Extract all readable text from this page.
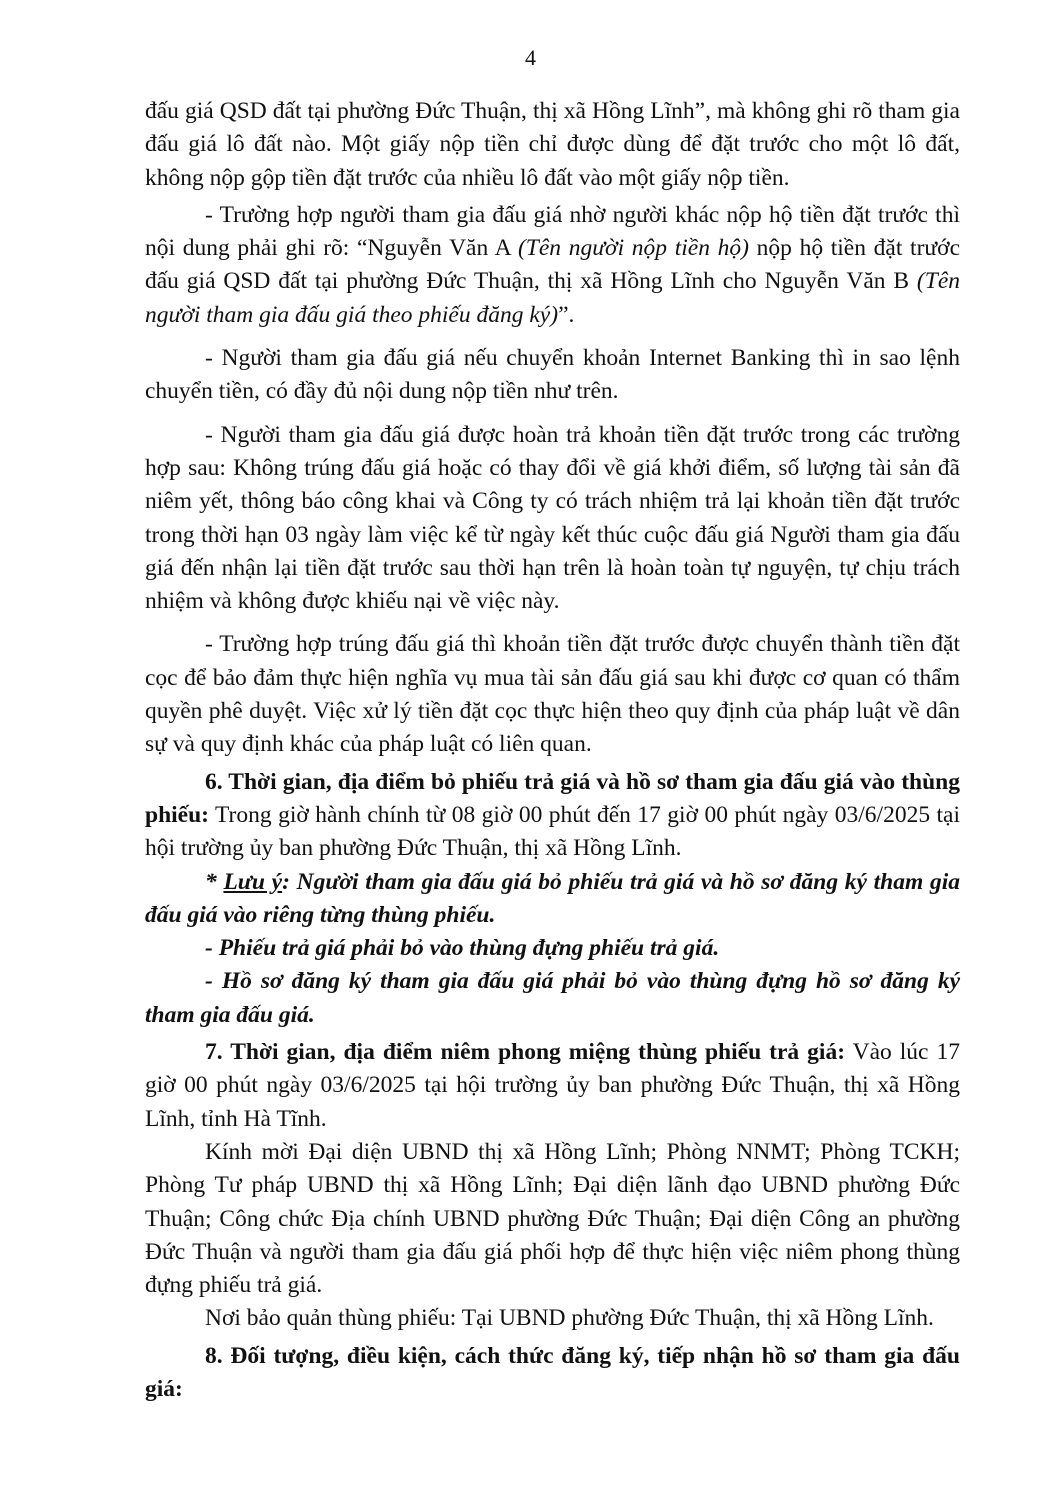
4

đấu giá QSD đất tại phường Đức Thuận, thị xã Hồng Lĩnh”, mà không ghi rõ tham gia đấu giá lô đất nào. Một giấy nộp tiền chỉ được dùng để đặt trước cho một lô đất, không nộp gộp tiền đặt trước của nhiều lô đất vào một giấy nộp tiền.

- Trường hợp người tham gia đấu giá nhờ người khác nộp hộ tiền đặt trước thì nội dung phải ghi rõ: “Nguyễn Văn A (Tên người nộp tiền hộ) nộp hộ tiền đặt trước đấu giá QSD đất tại phường Đức Thuận, thị xã Hồng Lĩnh cho Nguyễn Văn B (Tên người tham gia đấu giá theo phiếu đăng ký)”.

- Người tham gia đấu giá nếu chuyển khoản Internet Banking thì in sao lệnh chuyển tiền, có đầy đủ nội dung nộp tiền như trên.

- Người tham gia đấu giá được hoàn trả khoản tiền đặt trước trong các trường hợp sau: Không trúng đấu giá hoặc có thay đổi về giá khởi điểm, số lượng tài sản đã niêm yết, thông báo công khai và Công ty có trách nhiệm trả lại khoản tiền đặt trước trong thời hạn 03 ngày làm việc kể từ ngày kết thúc cuộc đấu giá Người tham gia đấu giá đến nhận lại tiền đặt trước sau thời hạn trên là hoàn toàn tự nguyện, tự chịu trách nhiệm và không được khiếu nại về việc này.

- Trường hợp trúng đấu giá thì khoản tiền đặt trước được chuyển thành tiền đặt cọc để bảo đảm thực hiện nghĩa vụ mua tài sản đấu giá sau khi được cơ quan có thẩm quyền phê duyệt. Việc xử lý tiền đặt cọc thực hiện theo quy định của pháp luật về dân sự và quy định khác của pháp luật có liên quan.

6. Thời gian, địa điểm bỏ phiếu trả giá và hồ sơ tham gia đấu giá vào thùng phiếu: Trong giờ hành chính từ 08 giờ 00 phút đến 17 giờ 00 phút ngày 03/6/2025 tại hội trường ủy ban phường Đức Thuận, thị xã Hồng Lĩnh.

* Lưu ý: Người tham gia đấu giá bỏ phiếu trả giá và hồ sơ đăng ký tham gia đấu giá vào riêng từng thùng phiếu.

- Phiếu trả giá phải bỏ vào thùng đựng phiếu trả giá.

- Hồ sơ đăng ký tham gia đấu giá phải bỏ vào thùng đựng hồ sơ đăng ký tham gia đấu giá.

7. Thời gian, địa điểm niêm phong miệng thùng phiếu trả giá: Vào lúc 17 giờ 00 phút ngày 03/6/2025 tại hội trường ủy ban phường Đức Thuận, thị xã Hồng Lĩnh, tỉnh Hà Tĩnh.

Kính mời Đại diện UBND thị xã Hồng Lĩnh; Phòng NNMT; Phòng TCKH; Phòng Tư pháp UBND thị xã Hồng Lĩnh; Đại diện lãnh đạo UBND phường Đức Thuận; Công chức Địa chính UBND phường Đức Thuận; Đại diện Công an phường Đức Thuận và người tham gia đấu giá phối hợp để thực hiện việc niêm phong thùng đựng phiếu trả giá.

Nơi bảo quản thùng phiếu: Tại UBND phường Đức Thuận, thị xã Hồng Lĩnh.

8. Đối tượng, điều kiện, cách thức đăng ký, tiếp nhận hồ sơ tham gia đấu giá:
